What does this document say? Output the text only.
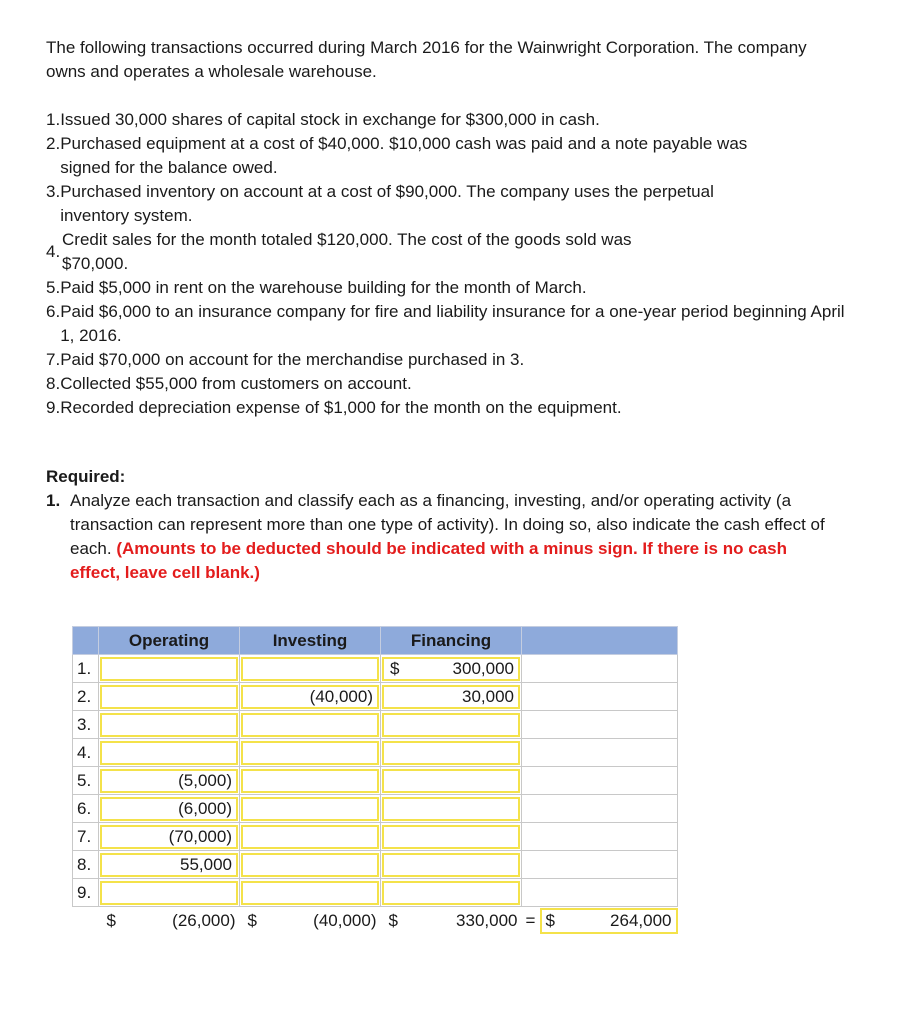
The following transactions occurred during March 2016 for the Wainwright Corporation. The company owns and operates a wholesale warehouse.
1. Issued 30,000 shares of capital stock in exchange for $300,000 in cash.
2. Purchased equipment at a cost of $40,000. $10,000 cash was paid and a note payable was signed for the balance owed.
3. Purchased inventory on account at a cost of $90,000. The company uses the perpetual inventory system.
4.
Credit sales for the month totaled $120,000. The cost of the goods sold was
$70,000.
5. Paid $5,000 in rent on the warehouse building for the month of March.
6. Paid $6,000 to an insurance company for fire and liability insurance for a one-year period beginning April 1, 2016.
7. Paid $70,000 on account for the merchandise purchased in 3.
8. Collected $55,000 from customers on account.
9. Recorded depreciation expense of $1,000 for the month on the equipment.
Required:
1. Analyze each transaction and classify each as a financing, investing, and/or operating activity (a transaction can represent more than one type of activity). In doing so, also indicate the cash effect of each. (Amounts to be deducted should be indicated with a minus sign. If there is no cash effect, leave cell blank.)
	Operating	Investing	Financing	
1.			$ 300,000	

2.		(40,000)	30,000	

3.	

4.	

5.	(5,000)			

6.	(6,000)			

7.	(70,000)			

8.	55,000			

9.	

	$ (26,000)	$ (40,000)	$ 330,000	= $ 264,000
